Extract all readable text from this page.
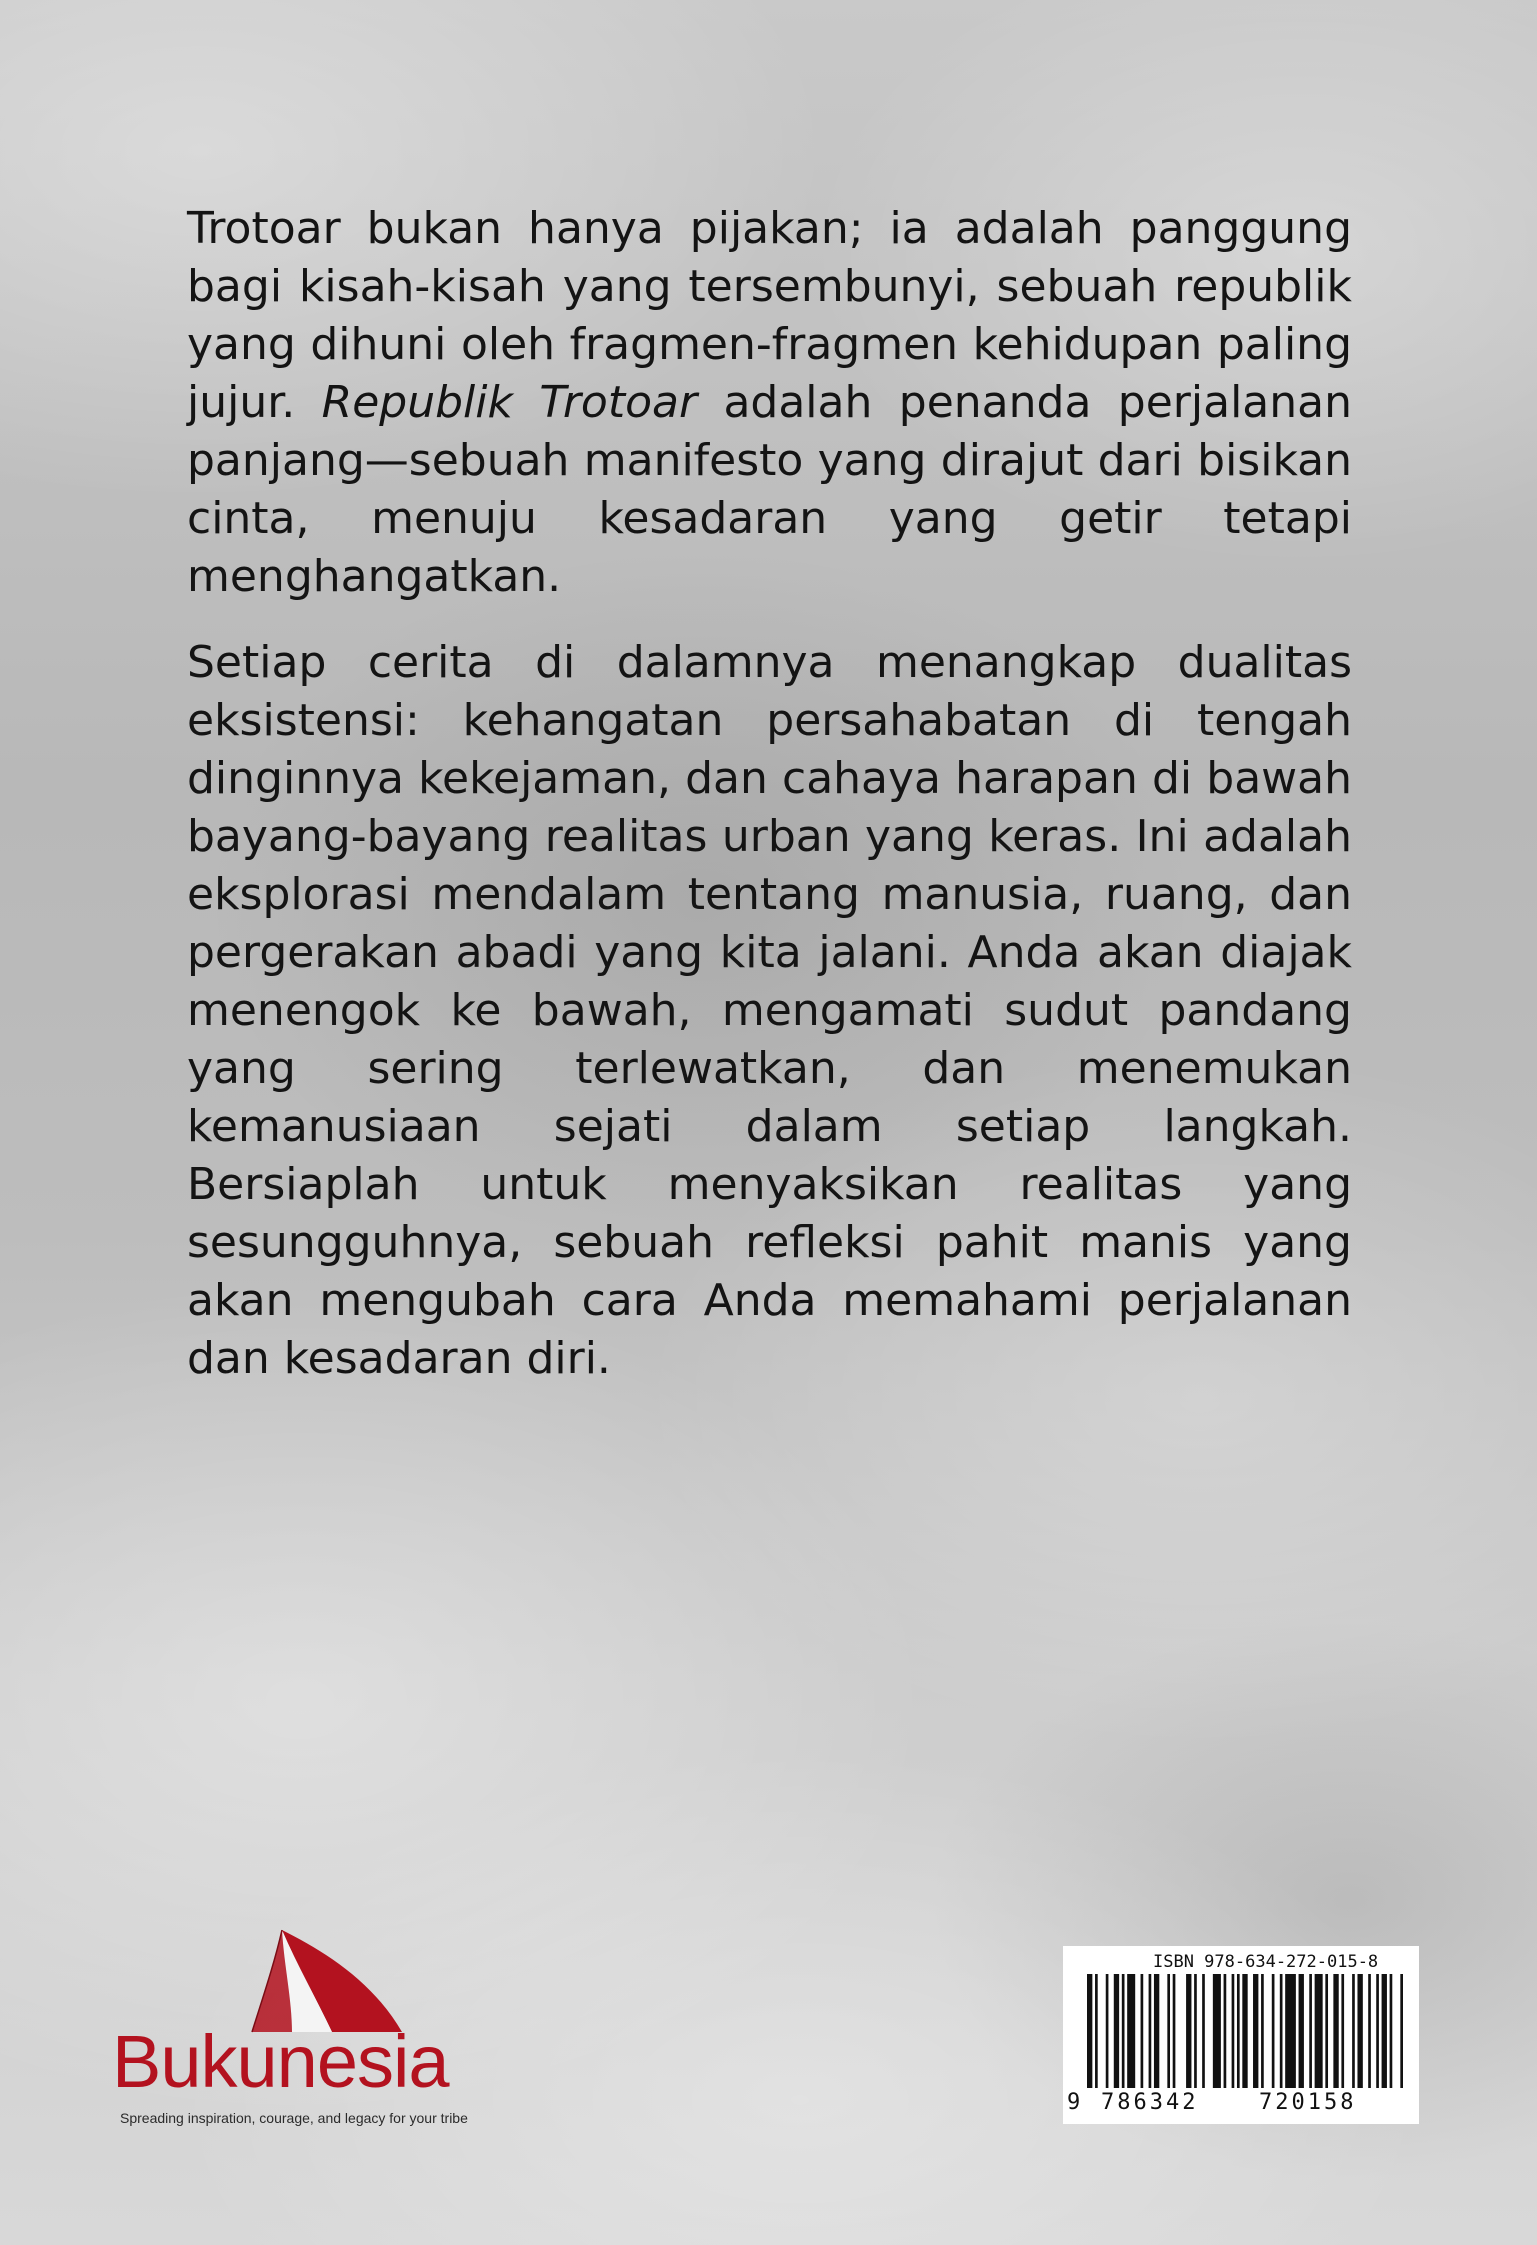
Trotoar bukan hanya pijakan; ia adalah panggung bagi kisah-kisah yang tersembunyi, sebuah republik yang dihuni oleh fragmen-fragmen kehidupan paling jujur. Republik Trotoar adalah penanda perjalanan panjang—sebuah manifesto yang dirajut dari bisikan cinta, menuju kesadaran yang getir tetapi menghangatkan.

Setiap cerita di dalamnya menangkap dualitas eksistensi: kehangatan persahabatan di tengah dinginnya kekejaman, dan cahaya harapan di bawah bayang-bayang realitas urban yang keras. Ini adalah eksplorasi mendalam tentang manusia, ruang, dan pergerakan abadi yang kita jalani. Anda akan diajak menengok ke bawah, mengamati sudut pandang yang sering terlewatkan, dan menemukan kemanusiaan sejati dalam setiap langkah. Bersiaplah untuk menyaksikan realitas yang sesungguhnya, sebuah refleksi pahit manis yang akan mengubah cara Anda memahami perjalanan dan kesadaran diri.

Bukunesia
Spreading inspiration, courage, and legacy for your tribe
ISBN 978-634-272-015-8
9 786342	720158
